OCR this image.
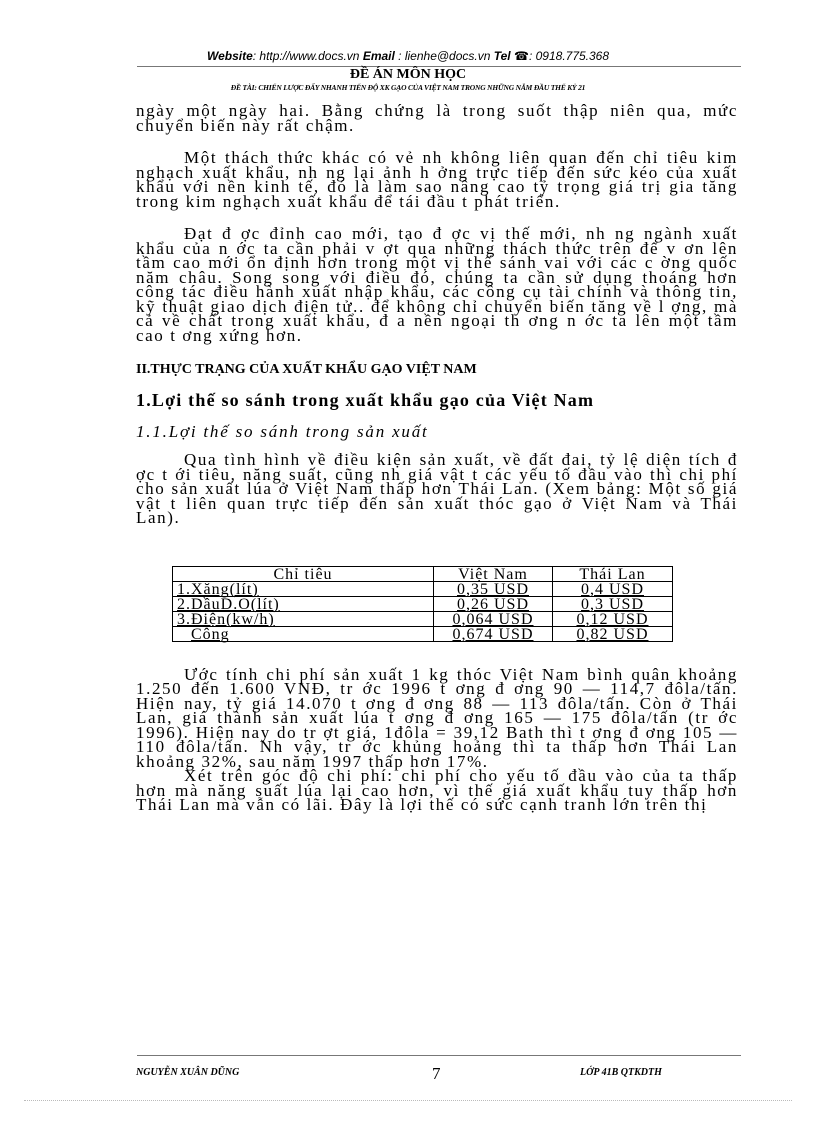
Website: http://www.docs.vn Email : lienhe@docs.vn Tel ☎: 0918.775.368
ĐỀ ÁN MÔN HỌC
ĐỀ TÀI: CHIẾN LƯỢC ĐẨY NHANH TIẾN ĐỘ XK GẠO CỦA VIỆT NAM TRONG NHỮNG NĂM ĐẦU THẾ KỶ 21

ngày một ngày hai. Bằng chứng là trong suốt thập niên qua, mức chuyển biến này rất chậm.

Một thách thức khác có vẻ nh không liên quan đến chỉ tiêu kim nghạch xuất khẩu, nh ng lại ảnh h ởng trực tiếp đến sức kéo của xuất khẩu với nền kinh tế, đó là làm sao nâng cao tỷ trọng giá trị gia tăng trong kim nghạch xuất khẩu để tái đầu t phát triển.

Đạt đ ợc đỉnh cao mới, tạo đ ợc vị thế mới, nh ng ngành xuất khẩu của n ớc ta cần phải v ợt qua những thách thức trên để v ơn lên tầm cao mới ổn định hơn trong một vị thế sánh vai với các c ờng quốc năm châu. Song song với điều đó, chúng ta cần sử dụng thoáng hơn công tác điều hành xuất nhập khẩu, các công cụ tài chính và thông tin, kỹ thuật giao dịch điện tử.. để không chỉ chuyển biến tăng về l ợng, mà cả về chất trong xuất khẩu, đ a nền ngoại th ơng n ớc ta lên một tầm cao t ơng xứng hơn.

II.THỰC TRẠNG CỦA XUẤT KHẨU GẠO VIỆT NAM
1.Lợi thế so sánh trong xuất khẩu gạo của Việt Nam
1.1.Lợi thế so sánh trong sản xuất

Qua tình hình về điều kiện sản xuất, về đất đai, tỷ lệ diện tích đ ợc t ới tiêu, năng suất, cũng nh giá vật t các yếu tố đầu vào thì chi phí cho sản xuất lúa ở Việt Nam thấp hơn Thái Lan. (Xem bảng: Một số giá vật t liên quan trực tiếp đến sản xuất thóc gạo ở Việt Nam và Thái Lan).

Chỉ tiêu	Việt Nam	Thái Lan
1.Xăng(lít)	0,35 USD	0,4 USD
2.DầuD.O(lít)	0,26 USD	0,3 USD
3.Điện(kw/h)	0,064 USD	0,12 USD
Công	0,674 USD	0,82 USD

Ước tính chi phí sản xuất 1 kg thóc Việt Nam bình quân khoảng 1.250 đến 1.600 VNĐ, tr ớc 1996 t ơng đ ơng 90 — 114,7 đôla/tấn. Hiện nay, tỷ giá 14.070 t ơng đ ơng 88 — 113 đôla/tấn. Còn ở Thái Lan, giá thành sản xuất lúa t ơng đ ơng 165 — 175 đôla/tấn (tr ớc 1996). Hiện nay do tr ợt giá, 1đôla = 39,12 Bath thì t ơng đ ơng 105 — 110 đôla/tấn. Nh vậy, tr ớc khủng hoảng thì ta thấp hơn Thái Lan khoảng 32%, sau năm 1997 thấp hơn 17%.

Xét trên góc độ chi phí: chi phí cho yếu tố đầu vào của ta thấp hơn mà năng suất lúa lại cao hơn, vì thế giá xuất khẩu tuy thấp hơn Thái Lan mà vẫn có lãi. Đây là lợi thế có sức cạnh tranh lớn trên thị

NGUYỄN XUÂN DŨNG	7	LỚP 41B QTKDTH
